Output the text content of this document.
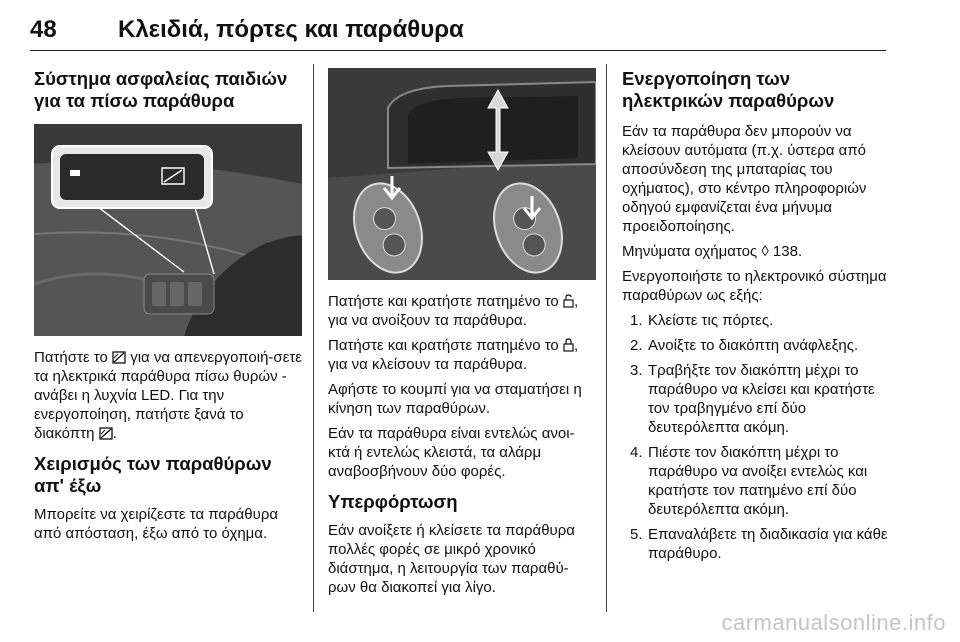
48	Κλειδιά, πόρτες και παράθυρα
Σύστημα ασφαλείας παιδιών για τα πίσω παράθυρα

Πατήστε το  για να απενεργοποιή-σετε τα ηλεκτρικά παράθυρα πίσω θυρών - ανάβει η λυχνία LED. Για την ενεργοποίηση, πατήστε ξανά το διακόπτη .

Χειρισμός των παραθύρων απ' έξω

Μπορείτε να χειρίζεστε τα παράθυρα από απόσταση, έξω από το όχημα.

Πατήστε και κρατήστε πατημένο το , για να ανοίξουν τα παράθυρα.

Πατήστε και κρατήστε πατημένο το , για να κλείσουν τα παράθυρα.

Αφήστε το κουμπί για να σταματήσει η κίνηση των παραθύρων.

Εάν τα παράθυρα είναι εντελώς ανοι-κτά ή εντελώς κλειστά, τα αλάρμ αναβοσβήνουν δύο φορές.

Υπερφόρτωση

Εάν ανοίξετε ή κλείσετε τα παράθυρα πολλές φορές σε μικρό χρονικό διάστημα, η λειτουργία των παραθύ-ρων θα διακοπεί για λίγο.

Ενεργοποίηση των ηλεκτρικών παραθύρων

Εάν τα παράθυρα δεν μπορούν να κλείσουν αυτόματα (π.χ. ύστερα από αποσύνδεση της μπαταρίας του οχήματος), στο κέντρο πληροφοριών οδηγού εμφανίζεται ένα μήνυμα προειδοποίησης.

Μηνύματα οχήματος ◊ 138.

Ενεργοποιήστε το ηλεκτρονικό σύστημα παραθύρων ως εξής:

1. Κλείστε τις πόρτες.
2. Ανοίξτε το διακόπτη ανάφλεξης.
3. Τραβήξτε τον διακόπτη μέχρι το παράθυρο να κλείσει και κρατήστε τον τραβηγμένο επί δύο δευτερόλεπτα ακόμη.
4. Πιέστε τον διακόπτη μέχρι το παράθυρο να ανοίξει εντελώς και κρατήστε τον πατημένο επί δύο δευτερόλεπτα ακόμη.
5. Επαναλάβετε τη διαδικασία για κάθε παράθυρο.
carmanualsonline.info
